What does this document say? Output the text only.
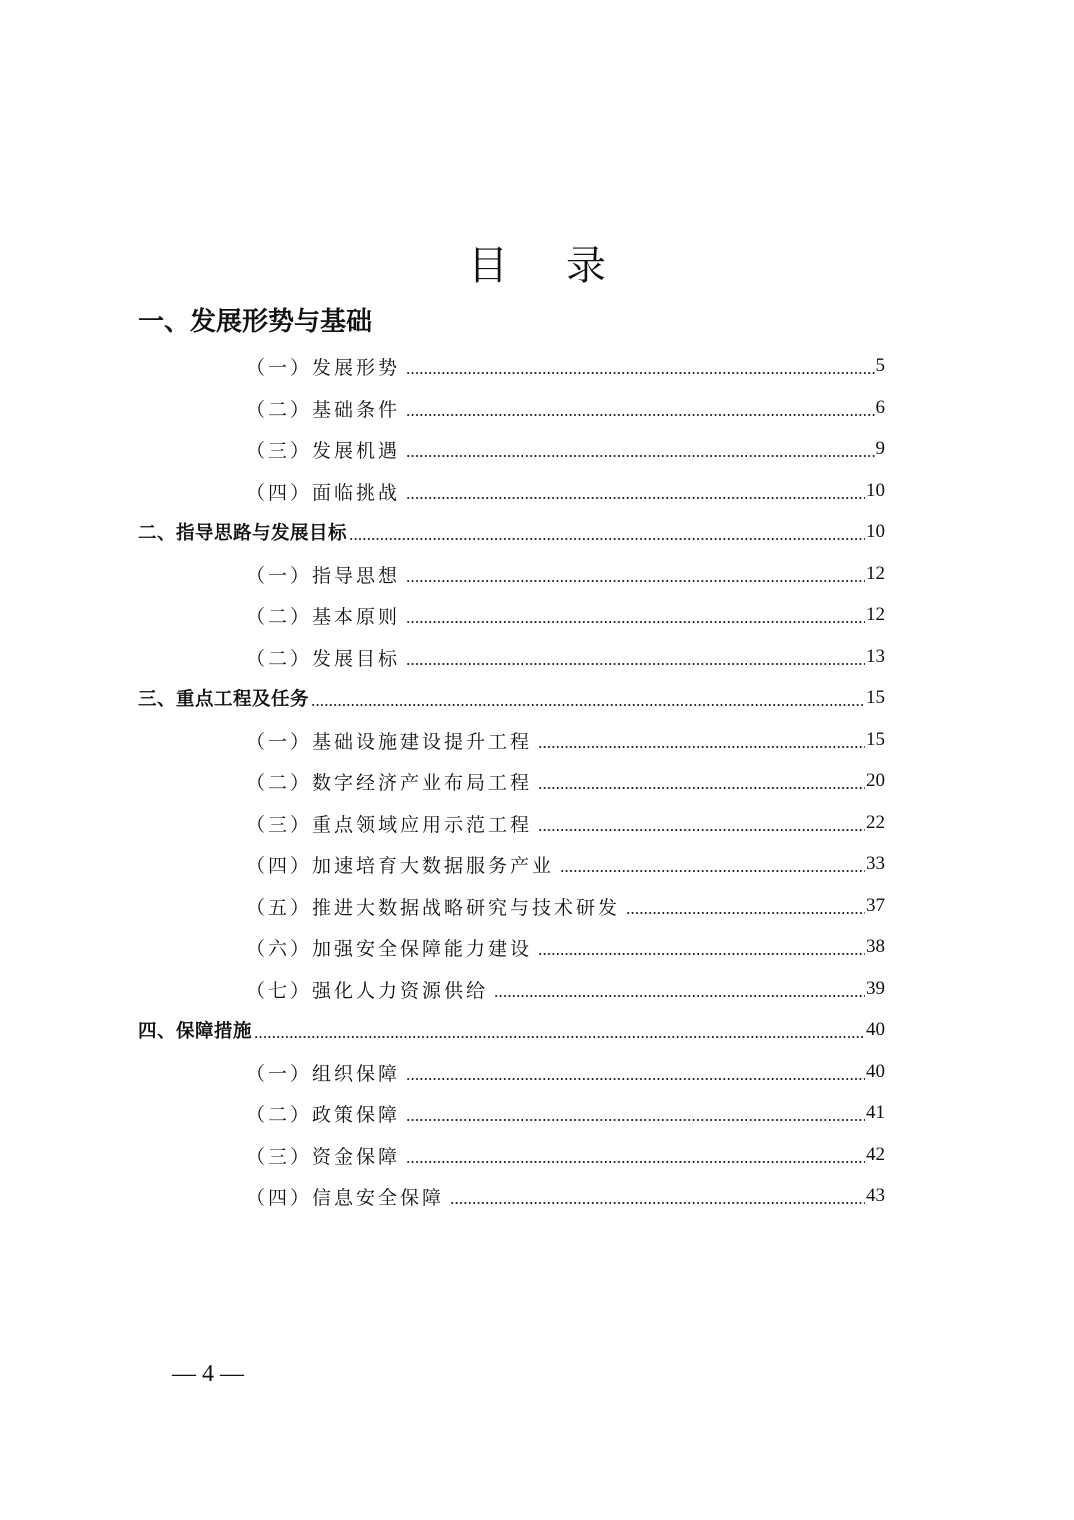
目 录
一、发展形势与基础
（一）发展形势	5
（二）基础条件	6
（三）发展机遇	9
（四）面临挑战	10
二、指导思路与发展目标	10
（一）指导思想	12
（二）基本原则	12
（二）发展目标	13
三、重点工程及任务	15
（一）基础设施建设提升工程	15
（二）数字经济产业布局工程	20
（三）重点领域应用示范工程	22
（四）加速培育大数据服务产业	33
（五）推进大数据战略研究与技术研发	37
（六）加强安全保障能力建设	38
（七）强化人力资源供给	39
四、保障措施	40
（一）组织保障	40
（二）政策保障	41
（三）资金保障	42
（四）信息安全保障	43
— 4 —
